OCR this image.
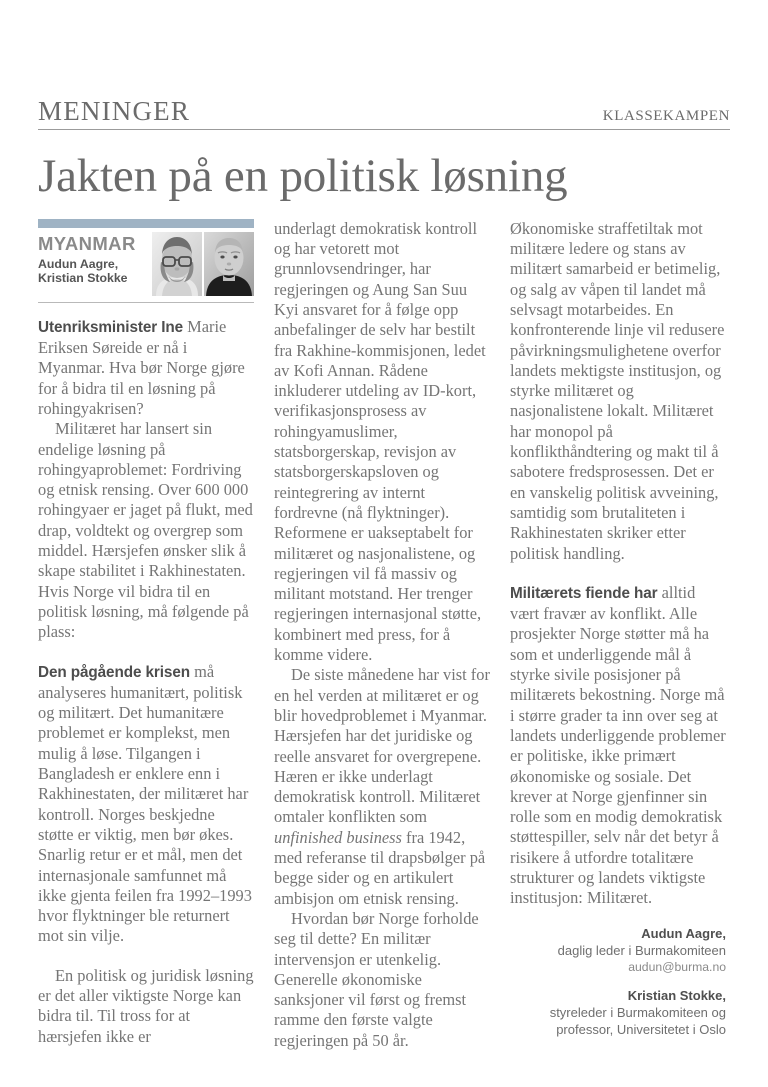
MENINGER	KLASSEKAMPEN
Jakten på en politisk løsning
MYANMAR
Audun Aagre,
Kristian Stokke

Utenriksminister Ine Marie Eriksen Søreide er nå i Myanmar. Hva bør Norge gjøre for å bidra til en løsning på rohingyakrisen?

Militæret har lansert sin endelige løsning på rohingyaproblemet: Fordriving og etnisk rensing. Over 600 000 rohingyaer er jaget på flukt, med drap, voldtekt og overgrep som middel. Hærsjefen ønsker slik å skape stabilitet i Rakhinestaten. Hvis Norge vil bidra til en politisk løsning, må følgende på plass:

Den pågående krisen må analyseres humanitært, politisk og militært. Det humanitære problemet er komplekst, men mulig å løse. Tilgangen i Bangladesh er enklere enn i Rakhinestaten, der militæret har kontroll. Norges beskjedne støtte er viktig, men bør økes. Snarlig retur er et mål, men det internasjonale samfunnet må ikke gjenta feilen fra 1992–1993 hvor flyktninger ble returnert mot sin vilje.

En politisk og juridisk løsning er det aller viktigste Norge kan bidra til. Til tross for at hærsjefen ikke er

underlagt demokratisk kontroll og har vetorett mot grunnlovsendringer, har regjeringen og Aung San Suu Kyi ansvaret for å følge opp anbefalinger de selv har bestilt fra Rakhine-kommisjonen, ledet av Kofi Annan. Rådene inkluderer utdeling av ID-kort, verifikasjonsprosess av rohingyamuslimer, statsborgerskap, revisjon av statsborgerskapsloven og reintegrering av internt fordrevne (nå flyktninger). Reformene er uakseptabelt for militæret og nasjonalistene, og regjeringen vil få massiv og militant motstand. Her trenger regjeringen internasjonal støtte, kombinert med press, for å komme videre.

De siste månedene har vist for en hel verden at militæret er og blir hovedproblemet i Myanmar. Hærsjefen har det juridiske og reelle ansvaret for overgrepene. Hæren er ikke underlagt demokratisk kontroll. Militæret omtaler konflikten som unfinished business fra 1942, med referanse til drapsbølger på begge sider og en artikulert ambisjon om etnisk rensing.

Hvordan bør Norge forholde seg til dette? En militær intervensjon er utenkelig. Generelle økonomiske sanksjoner vil først og fremst ramme den første valgte regjeringen på 50 år.

Økonomiske straffetiltak mot militære ledere og stans av militært samarbeid er betimelig, og salg av våpen til landet må selvsagt motarbeides. En konfronterende linje vil redusere påvirkningsmulighetene overfor landets mektigste institusjon, og styrke militæret og nasjonalistene lokalt. Militæret har monopol på konflikthåndtering og makt til å sabotere fredsprosessen. Det er en vanskelig politisk avveining, samtidig som brutaliteten i Rakhinestaten skriker etter politisk handling.

Militærets fiende har alltid vært fravær av konflikt. Alle prosjekter Norge støtter må ha som et underliggende mål å styrke sivile posisjoner på militærets bekostning. Norge må i større grader ta inn over seg at landets underliggende problemer er politiske, ikke primært økonomiske og sosiale. Det krever at Norge gjenfinner sin rolle som en modig demokratisk støttespiller, selv når det betyr å risikere å utfordre totalitære strukturer og landets viktigste institusjon: Militæret.

Audun Aagre,
daglig leder i Burmakomiteen
audun@burma.no
Kristian Stokke,
styreleder i Burmakomiteen og
professor, Universitetet i Oslo
